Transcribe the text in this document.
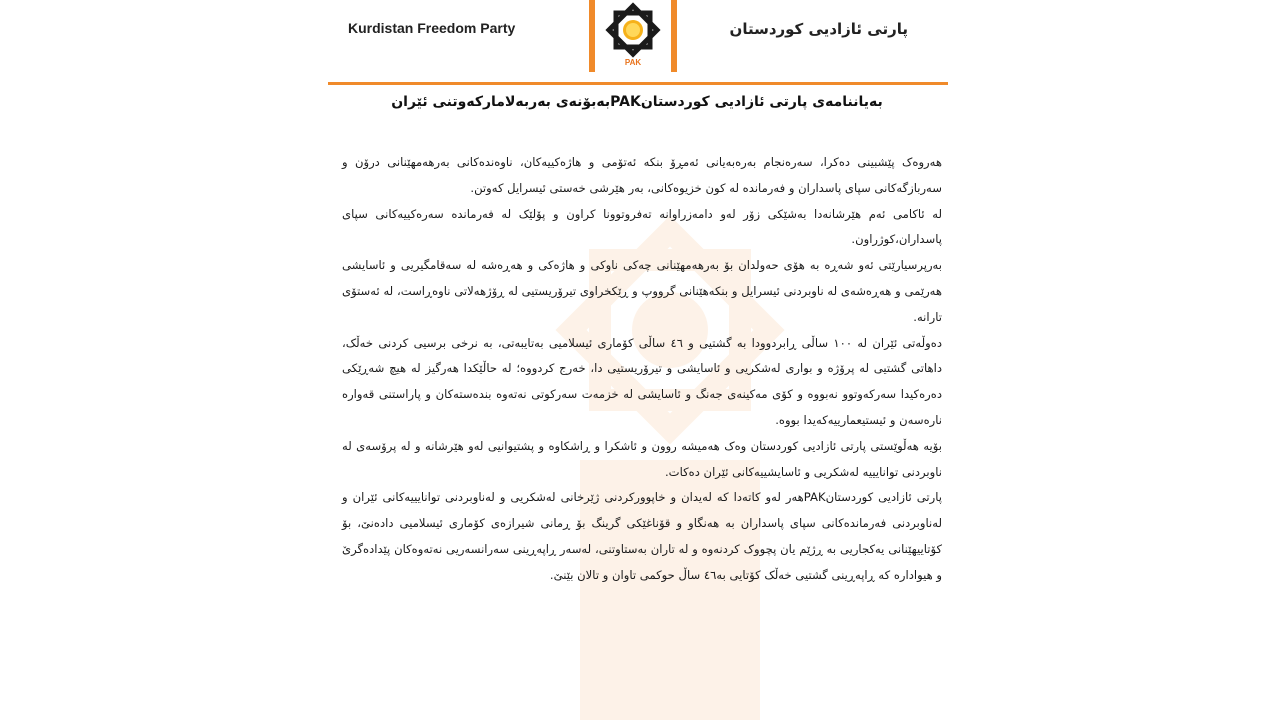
Kurdistan Freedom Party
PAK
پارتی ئازادیی کوردستان
بەیاننامەی پارتی ئازادیی کوردستانPAKبەبۆنەی بەربەلامارکەوتنی ئێران

هەروەک پێشبینی دەکرا، سەرەنجام بەرەبەیانی ئەمڕۆ بنکە ئەتۆمی و هاژەکییەکان، ناوەندەکانی بەرهەمهێنانی درۆن و سەربازگەکانی سپای پاسداران و فەرماندە لە کون خزیوەکانی، بەر هێرشی خەستی ئیسرایل کەوتن.

لە ئاکامی ئەم هێرشانەدا بەشێکی زۆر لەو دامەزراوانە تەفروتوونا کراون و پۆلێک لە فەرماندە سەرەکییەکانی سپای پاسداران،کوژراون.

بەرپرسیارێتی ئەو شەڕە بە هۆی حەولدان بۆ بەرهەمهێنانی چەکی ناوکی و هاژەکی و هەڕەشە لە سەقامگیریی و ئاسایشی هەرێمی و هەڕەشەی لە ناوبردنی ئیسرایل و بنکەهێنانی گرووپ و ڕێکخراوی تیرۆریستیی لە ڕۆژهەلاتی ناوەڕاست، لە ئەستۆی تارانە.

دەوڵەتی ئێران لە ١٠٠ ساڵی ڕابردوودا بە گشتیی و ٤٦ ساڵی کۆماری ئیسلامیی بەتایبەتی، بە نرخی برسیی کردنی خەڵک، داهاتی گشتیی لە پرۆژە و بواری لەشکریی و ئاسایشی و تیرۆریستیی دا، خەرج کردووە؛ لە حاڵێکدا هەرگیز لە هیچ شەڕێکی دەرەکیدا سەرکەوتوو نەبووە و کۆی مەکینەی جەنگ و ئاسایشی لە خزمەت سەرکوتی نەتەوە بندەستەکان و پاراستنی قەوارە نارەسەن و ئیستیعمارییەکەیدا بووە.

بۆیە هەڵوێستی پارتی ئازادیی کوردستان وەک هەمیشە روون و ئاشکرا و ڕاشکاوە و پشتیوانیی لەو هێرشانە و لە پرۆسەی لە ناوبردنی توانایییە لەشکریی و ئاسایشییەکانی ئێران دەکات.

پارتی ئازادیی کوردستانPAKهەر لەو کاتەدا کە لەیدان و خاپوورکردنی ژێرخانی لەشکریی و لەناوبردنی توانایییەکانی ئێران و لەناوبردنی فەرماندەکانی سپای پاسداران بە هەنگاو و قۆناغێکی گرینگ بۆ ڕمانی شیرازەی کۆماری ئیسلامیی دادەنێ، بۆ کۆتاییهێنانی یەکجاریی بە ڕژێم یان پچووک کردنەوە و لە تاران بەستاوتنی، لەسەر ڕاپەڕینی سەرانسەریی نەتەوەکان پێدادەگرێ و هیواداره کە ڕاپەڕینی گشتیی خەڵک کۆتایی بە٤٦ ساڵ حوکمی تاوان و تالان بێنێ.
